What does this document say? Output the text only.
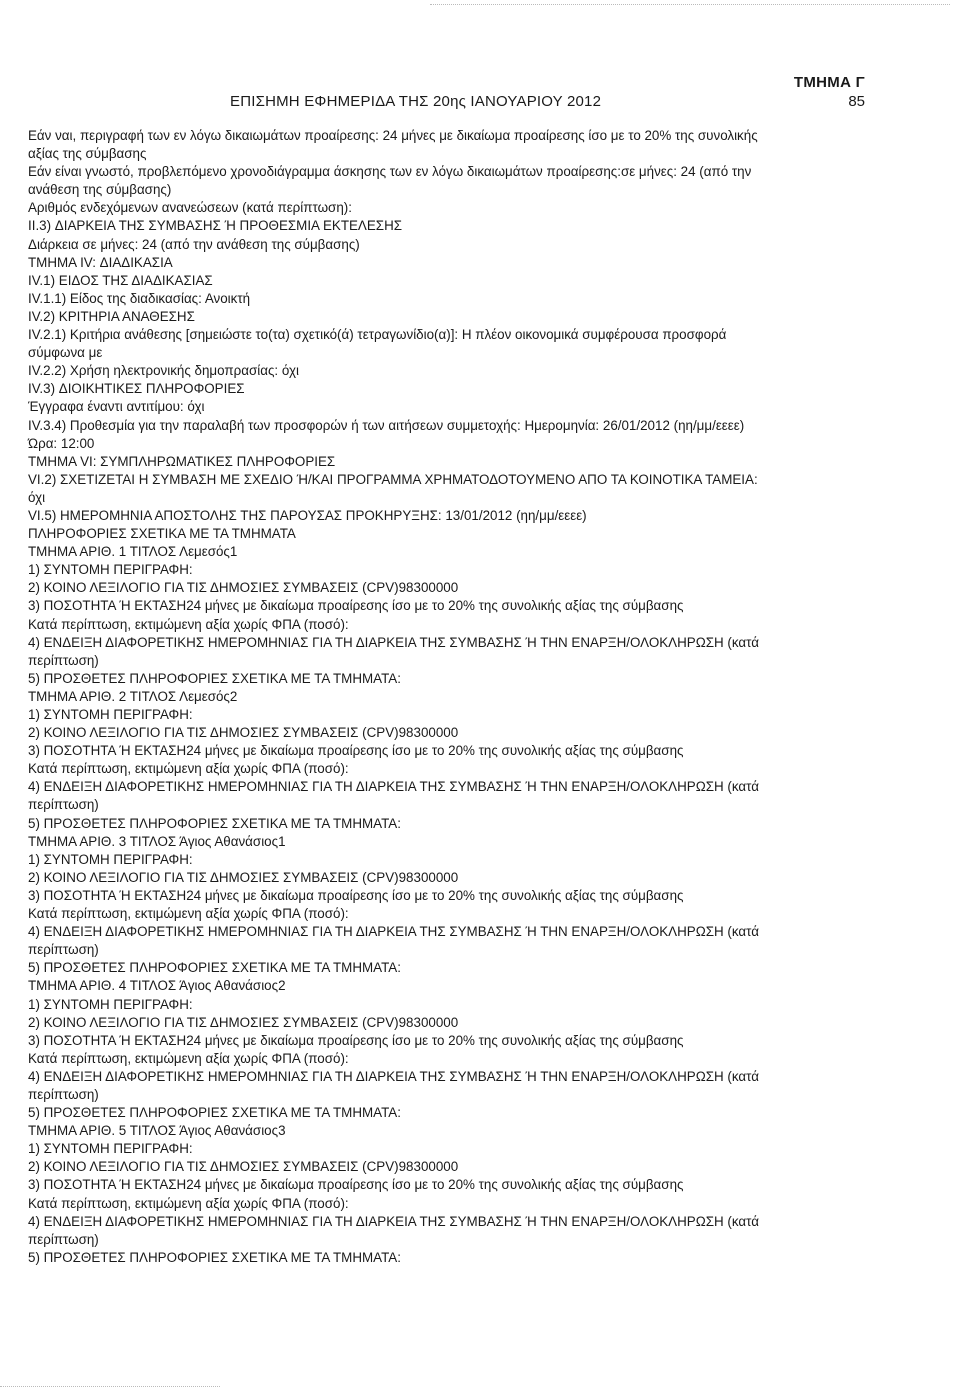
ΤΜΗΜΑ Γ
ΕΠΙΣΗΜΗ ΕΦΗΜΕΡΙΔΑ ΤΗΣ 20ης ΙΑΝΟΥΑΡΙΟΥ 2012	85
Εάν ναι, περιγραφή των εν λόγω δικαιωμάτων προαίρεσης: 24 μήνες με δικαίωμα προαίρεσης ίσο με το 20% της συνολικής
αξίας της σύμβασης
Εάν είναι γνωστό, προβλεπόμενο χρονοδιάγραμμα άσκησης των εν λόγω δικαιωμάτων προαίρεσης:σε μήνες: 24 (από την
ανάθεση της σύμβασης)
Αριθμός ενδεχόμενων ανανεώσεων (κατά περίπτωση):
II.3) ΔΙΑΡΚΕΙΑ ΤΗΣ ΣΥΜΒΑΣΗΣ Ή ΠΡΟΘΕΣΜΙΑ ΕΚΤΕΛΕΣΗΣ
Διάρκεια σε μήνες: 24 (από την ανάθεση της σύμβασης)
ΤΜΗΜΑ IV: ΔΙΑΔΙΚΑΣΙΑ
IV.1) ΕΙΔΟΣ ΤΗΣ ΔΙΑΔΙΚΑΣΙΑΣ
IV.1.1) Είδος της διαδικασίας: Ανοικτή
IV.2) ΚΡΙΤΗΡΙΑ ΑΝΑΘΕΣΗΣ
IV.2.1) Κριτήρια ανάθεσης [σημειώστε το(τα) σχετικό(ά) τετραγωνίδιο(α)]: Η πλέον οικονομικά συμφέρουσα προσφορά
σύμφωνα με
IV.2.2) Χρήση ηλεκτρονικής δημοπρασίας: όχι
IV.3) ΔΙΟΙΚΗΤΙΚΕΣ ΠΛΗΡΟΦΟΡΙΕΣ
Έγγραφα έναντι αντιτίμου: όχι
IV.3.4) Προθεσμία για την παραλαβή των προσφορών ή των αιτήσεων συμμετοχής: Ημερομηνία: 26/01/2012 (ηη/μμ/εεεε)
Ώρα: 12:00
ΤΜΗΜΑ VI: ΣΥΜΠΛΗΡΩΜΑΤΙΚΕΣ ΠΛΗΡΟΦΟΡΙΕΣ
VI.2) ΣΧΕΤΙΖΕΤΑΙ Η ΣΥΜΒΑΣΗ ΜΕ ΣΧΕΔΙΟ Ή/ΚΑΙ ΠΡΟΓΡΑΜΜΑ ΧΡΗΜΑΤΟΔΟΤΟΥΜΕΝΟ ΑΠΟ ΤΑ ΚΟΙΝΟΤΙΚΑ ΤΑΜΕΙΑ:
όχι
VI.5) ΗΜΕΡΟΜΗΝΙΑ ΑΠΟΣΤΟΛΗΣ ΤΗΣ ΠΑΡΟΥΣΑΣ ΠΡΟΚΗΡΥΞΗΣ: 13/01/2012 (ηη/μμ/εεεε)
ΠΛΗΡΟΦΟΡΙΕΣ ΣΧΕΤΙΚΑ ΜΕ ΤΑ ΤΜΗΜΑΤΑ
ΤΜΗΜΑ ΑΡΙΘ. 1 ΤΙΤΛΟΣ Λεμεσός1
1) ΣΥΝΤΟΜΗ ΠΕΡΙΓΡΑΦΗ:
2) ΚΟΙΝΟ ΛΕΞΙΛΟΓΙΟ ΓΙΑ ΤΙΣ ΔΗΜΟΣΙΕΣ ΣΥΜΒΑΣΕΙΣ (CPV)98300000
3) ΠΟΣΟΤΗΤΑ Ή ΕΚΤΑΣΗ24 μήνες με δικαίωμα προαίρεσης ίσο με το 20% της συνολικής αξίας της σύμβασης
Κατά περίπτωση, εκτιμώμενη αξία χωρίς ΦΠΑ (ποσό):
4) ΕΝΔΕΙΞΗ ΔΙΑΦΟΡΕΤΙΚΗΣ ΗΜΕΡΟΜΗΝΙΑΣ ΓΙΑ ΤΗ ΔΙΑΡΚΕΙΑ ΤΗΣ ΣΥΜΒΑΣΗΣ Ή ΤΗΝ ΕΝΑΡΞΗ/ΟΛΟΚΛΗΡΩΣΗ (κατά
περίπτωση)
5) ΠΡΟΣΘΕΤΕΣ ΠΛΗΡΟΦΟΡΙΕΣ ΣΧΕΤΙΚΑ ΜΕ ΤΑ ΤΜΗΜΑΤΑ:
ΤΜΗΜΑ ΑΡΙΘ. 2 ΤΙΤΛΟΣ Λεμεσός2
1) ΣΥΝΤΟΜΗ ΠΕΡΙΓΡΑΦΗ:
2) ΚΟΙΝΟ ΛΕΞΙΛΟΓΙΟ ΓΙΑ ΤΙΣ ΔΗΜΟΣΙΕΣ ΣΥΜΒΑΣΕΙΣ (CPV)98300000
3) ΠΟΣΟΤΗΤΑ Ή ΕΚΤΑΣΗ24 μήνες με δικαίωμα προαίρεσης ίσο με το 20% της συνολικής αξίας της σύμβασης
Κατά περίπτωση, εκτιμώμενη αξία χωρίς ΦΠΑ (ποσό):
4) ΕΝΔΕΙΞΗ ΔΙΑΦΟΡΕΤΙΚΗΣ ΗΜΕΡΟΜΗΝΙΑΣ ΓΙΑ ΤΗ ΔΙΑΡΚΕΙΑ ΤΗΣ ΣΥΜΒΑΣΗΣ Ή ΤΗΝ ΕΝΑΡΞΗ/ΟΛΟΚΛΗΡΩΣΗ (κατά
περίπτωση)
5) ΠΡΟΣΘΕΤΕΣ ΠΛΗΡΟΦΟΡΙΕΣ ΣΧΕΤΙΚΑ ΜΕ ΤΑ ΤΜΗΜΑΤΑ:
ΤΜΗΜΑ ΑΡΙΘ. 3 ΤΙΤΛΟΣ Άγιος Αθανάσιος1
1) ΣΥΝΤΟΜΗ ΠΕΡΙΓΡΑΦΗ:
2) ΚΟΙΝΟ ΛΕΞΙΛΟΓΙΟ ΓΙΑ ΤΙΣ ΔΗΜΟΣΙΕΣ ΣΥΜΒΑΣΕΙΣ (CPV)98300000
3) ΠΟΣΟΤΗΤΑ Ή ΕΚΤΑΣΗ24 μήνες με δικαίωμα προαίρεσης ίσο με το 20% της συνολικής αξίας της σύμβασης
Κατά περίπτωση, εκτιμώμενη αξία χωρίς ΦΠΑ (ποσό):
4) ΕΝΔΕΙΞΗ ΔΙΑΦΟΡΕΤΙΚΗΣ ΗΜΕΡΟΜΗΝΙΑΣ ΓΙΑ ΤΗ ΔΙΑΡΚΕΙΑ ΤΗΣ ΣΥΜΒΑΣΗΣ Ή ΤΗΝ ΕΝΑΡΞΗ/ΟΛΟΚΛΗΡΩΣΗ (κατά
περίπτωση)
5) ΠΡΟΣΘΕΤΕΣ ΠΛΗΡΟΦΟΡΙΕΣ ΣΧΕΤΙΚΑ ΜΕ ΤΑ ΤΜΗΜΑΤΑ:
ΤΜΗΜΑ ΑΡΙΘ. 4 ΤΙΤΛΟΣ Άγιος Αθανάσιος2
1) ΣΥΝΤΟΜΗ ΠΕΡΙΓΡΑΦΗ:
2) ΚΟΙΝΟ ΛΕΞΙΛΟΓΙΟ ΓΙΑ ΤΙΣ ΔΗΜΟΣΙΕΣ ΣΥΜΒΑΣΕΙΣ (CPV)98300000
3) ΠΟΣΟΤΗΤΑ Ή ΕΚΤΑΣΗ24 μήνες με δικαίωμα προαίρεσης ίσο με το 20% της συνολικής αξίας της σύμβασης
Κατά περίπτωση, εκτιμώμενη αξία χωρίς ΦΠΑ (ποσό):
4) ΕΝΔΕΙΞΗ ΔΙΑΦΟΡΕΤΙΚΗΣ ΗΜΕΡΟΜΗΝΙΑΣ ΓΙΑ ΤΗ ΔΙΑΡΚΕΙΑ ΤΗΣ ΣΥΜΒΑΣΗΣ Ή ΤΗΝ ΕΝΑΡΞΗ/ΟΛΟΚΛΗΡΩΣΗ (κατά
περίπτωση)
5) ΠΡΟΣΘΕΤΕΣ ΠΛΗΡΟΦΟΡΙΕΣ ΣΧΕΤΙΚΑ ΜΕ ΤΑ ΤΜΗΜΑΤΑ:
ΤΜΗΜΑ ΑΡΙΘ. 5 ΤΙΤΛΟΣ Άγιος Αθανάσιος3
1) ΣΥΝΤΟΜΗ ΠΕΡΙΓΡΑΦΗ:
2) ΚΟΙΝΟ ΛΕΞΙΛΟΓΙΟ ΓΙΑ ΤΙΣ ΔΗΜΟΣΙΕΣ ΣΥΜΒΑΣΕΙΣ (CPV)98300000
3) ΠΟΣΟΤΗΤΑ Ή ΕΚΤΑΣΗ24 μήνες με δικαίωμα προαίρεσης ίσο με το 20% της συνολικής αξίας της σύμβασης
Κατά περίπτωση, εκτιμώμενη αξία χωρίς ΦΠΑ (ποσό):
4) ΕΝΔΕΙΞΗ ΔΙΑΦΟΡΕΤΙΚΗΣ ΗΜΕΡΟΜΗΝΙΑΣ ΓΙΑ ΤΗ ΔΙΑΡΚΕΙΑ ΤΗΣ ΣΥΜΒΑΣΗΣ Ή ΤΗΝ ΕΝΑΡΞΗ/ΟΛΟΚΛΗΡΩΣΗ (κατά
περίπτωση)
5) ΠΡΟΣΘΕΤΕΣ ΠΛΗΡΟΦΟΡΙΕΣ ΣΧΕΤΙΚΑ ΜΕ ΤΑ ΤΜΗΜΑΤΑ:
